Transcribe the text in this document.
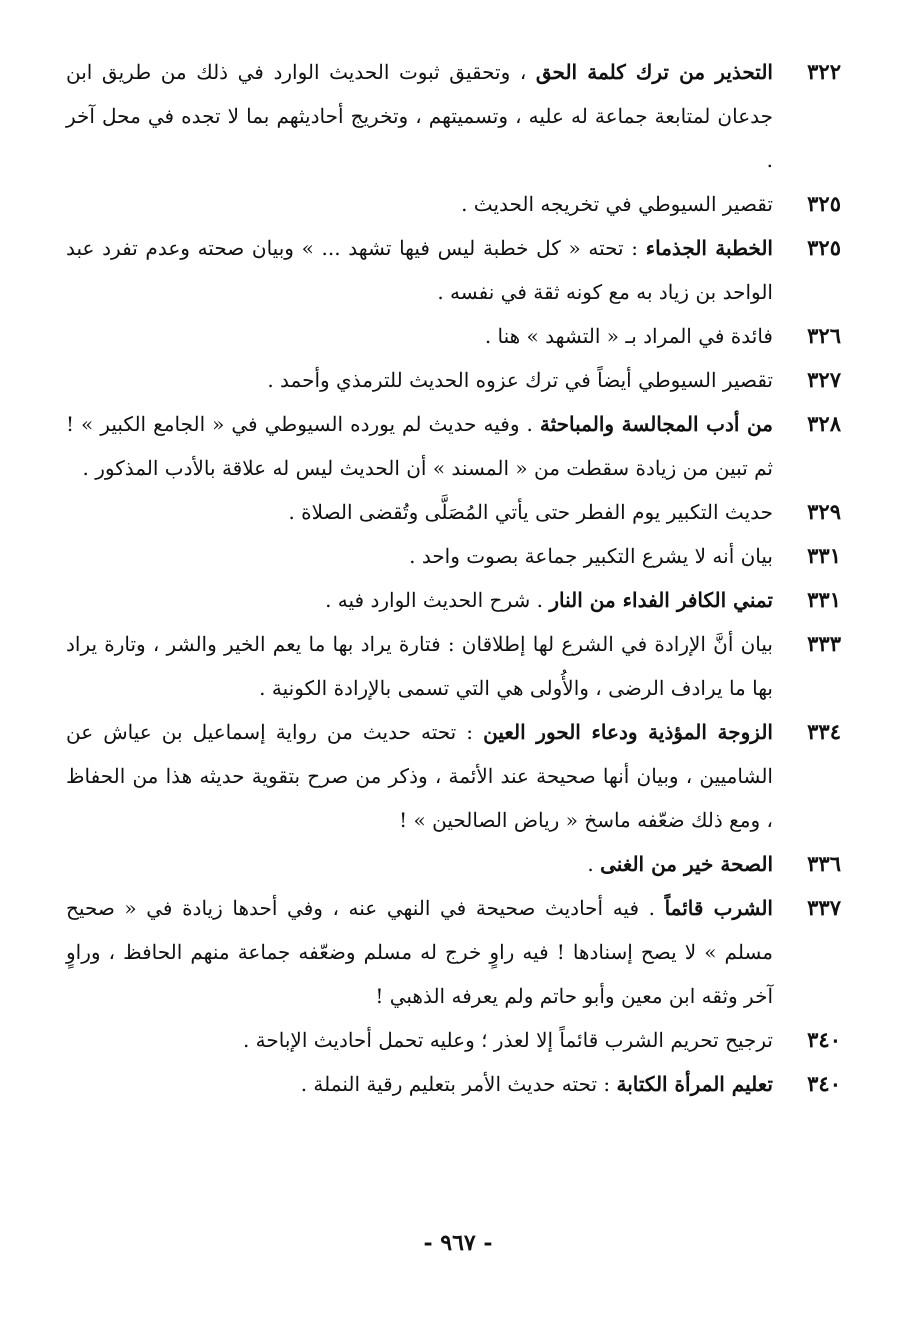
٣٢٢
التحذير من ترك كلمة الحق ، وتحقيق ثبوت الحديث الوارد في ذلك من طريق ابن جدعان لمتابعة جماعة له عليه ، وتسميتهم ، وتخريج أحاديثهم بما لا تجده في محل آخر .
٣٢٥
تقصير السيوطي في تخريجه الحديث .
٣٢٥
الخطبة الجذماء : تحته « كل خطبة ليس فيها تشهد ... » وبيان صحته وعدم تفرد عبد الواحد بن زياد به مع كونه ثقة في نفسه .
٣٢٦
فائدة في المراد بـ « التشهد » هنا .
٣٢٧
تقصير السيوطي أيضاً في ترك عزوه الحديث للترمذي وأحمد .
٣٢٨
من أدب المجالسة والمباحثة . وفيه حديث لم يورده السيوطي في « الجامع الكبير » ! ثم تبين من زيادة سقطت من « المسند » أن الحديث ليس له علاقة بالأدب المذكور .
٣٢٩
حديث التكبير يوم الفطر حتى يأتي المُصَلَّى وتُقضى الصلاة .
٣٣١
بيان أنه لا يشرع التكبير جماعة بصوت واحد .
٣٣١
تمني الكافر الفداء من النار . شرح الحديث الوارد فيه .
٣٣٣
بيان أنَّ الإرادة في الشرع لها إطلاقان : فتارة يراد بها ما يعم الخير والشر ، وتارة يراد بها ما يرادف الرضى ، والأُولى هي التي تسمى بالإرادة الكونية .
٣٣٤
الزوجة المؤذية ودعاء الحور العين : تحته حديث من رواية إسماعيل بن عياش عن الشاميين ، وبيان أنها صحيحة عند الأئمة ، وذكر من صرح بتقوية حديثه هذا من الحفاظ ، ومع ذلك ضعّفه ماسخ « رياض الصالحين » !
٣٣٦
الصحة خير من الغنى .
٣٣٧
الشرب قائماً . فيه أحاديث صحيحة في النهي عنه ، وفي أحدها زيادة في « صحيح مسلم » لا يصح إسنادها ! فيه راوٍ خرج له مسلم وضعّفه جماعة منهم الحافظ ، وراوٍ آخر وثقه ابن معين وأبو حاتم ولم يعرفه الذهبي !
٣٤٠
ترجيح تحريم الشرب قائماً إلا لعذر ؛ وعليه تحمل أحاديث الإباحة .
٣٤٠
تعليم المرأة الكتابة : تحته حديث الأمر بتعليم رقية النملة .
- ٩٦٧ -
